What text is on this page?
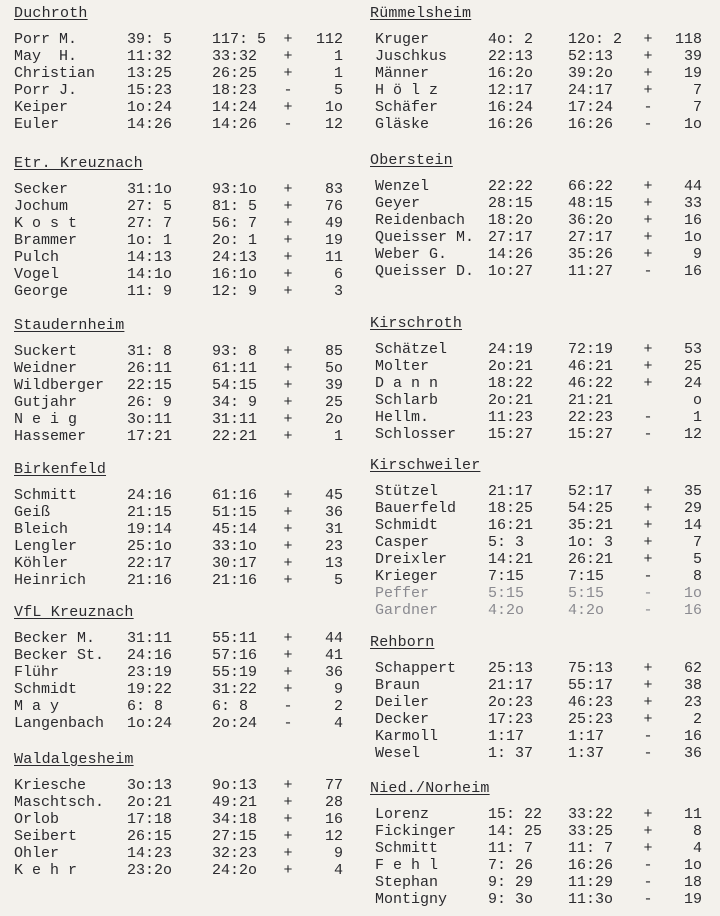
Duchroth
Porr M.	39: 5	117: 5 +	112
May  H.	11:32	33:32 +	1
Christian 13:25	26:25 +	1
Porr J.	15:23	18:23 -	5
Keiper	1o:24	14:24 +	1o
Euler	14:26	14:26 -	12
Etr. Kreuznach
Secker	31:1o	93:1o +	83
Jochum	27: 5	81: 5 +	76
K o s t	27: 7	56: 7 +	49
Brammer	1o: 1	2o: 1 +	19
Pulch	14:13	24:13 +	11
Vogel	14:1o	16:1o +	6
George	11: 9	12: 9 +	3
Staudernheim
Suckert	31: 8	93: 8 +	85
Weidner	26:11	61:11 +	5o
Wildberger 22:15	54:15 +	39
Gutjahr	26: 9	34: 9 +	25
N e i g	3o:11	31:11 +	2o
Hassemer	17:21	22:21 +	1
Birkenfeld
Schmitt	24:16	61:16 +	45
Geiß	21:15	51:15 +	36
Bleich	19:14	45:14 +	31
Lengler	25:1o	33:1o +	23
Köhler	22:17	30:17 +	13
Heinrich	21:16	21:16 +	5
VfL Kreuznach
Becker M. 31:11	55:11 +	44
Becker St. 24:16	57:16 +	41
Flühr	23:19	55:19 +	36
Schmidt	19:22	31:22 +	9
M a y	6: 8	6: 8 -	2
Langenbach 1o:24	2o:24 -	4
Waldalgesheim
Kriesche	3o:13	9o:13 +	77
Maschtsch. 2o:21	49:21 +	28
Orlob	17:18	34:18 +	16
Seibert	26:15	27:15 +	12
Ohler	14:23	32:23 +	9
K e h r	23:2o	24:2o +	4
Rümmelsheim
Kruger	4o: 2 12o: 2 +	118
Juschkus	22:13 52:13 +	39
Männer	16:2o 39:2o +	19
H ö l z	12:17 24:17 +	7
Schäfer	16:24 17:24 -	7
Gläske	16:26 16:26 -	1o
Oberstein
Wenzel	22:22 66:22 +	44
Geyer	28:15 48:15 +	33
Reidenbach 18:2o 36:2o +	16
Queisser M. 27:17 27:17 +	1o
Weber G.	14:26 35:26 +	9
Queisser D. 1o:27 11:27 -	16
Kirschroth
Schätzel	24:19 72:19 +	53
Molter	2o:21 46:21 +	25
D a n n	18:22 46:22 +	24
Schlarb	2o:21 21:21	o
Hellm.	11:23 22:23 -	1
Schlosser 15:27 15:27 -	12
Kirschweiler
Stützel	21:17 52:17 +	35
Bauerfeld 18:25 54:25 +	29
Schmidt	16:21 35:21 +	14
Casper	5: 3	1o: 3 +	7
Dreixler	14:21 26:21 +	5
Krieger	7:15	7:15	-	8
Peffer	5:15	5:15	-	1o
Gardner	4:2o	4:2o	-	16
Rehborn
Schappert 25:13 75:13 +	62
Braun	21:17 55:17 +	38
Deiler	2o:23 46:23 +	23
Decker	17:23 25:23 +	2
Karmoll	1:17	1:17	-	16
Wesel	1: 37 1:37	-	36
Nied./Norheim
Lorenz	15: 22 33:22 +	11
Fickinger 14: 25 33:25 +	8
Schmitt	11: 7 11: 7 +	4
F e h l	7: 26 16:26 -	1o
Stephan	9: 29 11:29 -	18
Montigny	9: 3o 11:3o -	19
